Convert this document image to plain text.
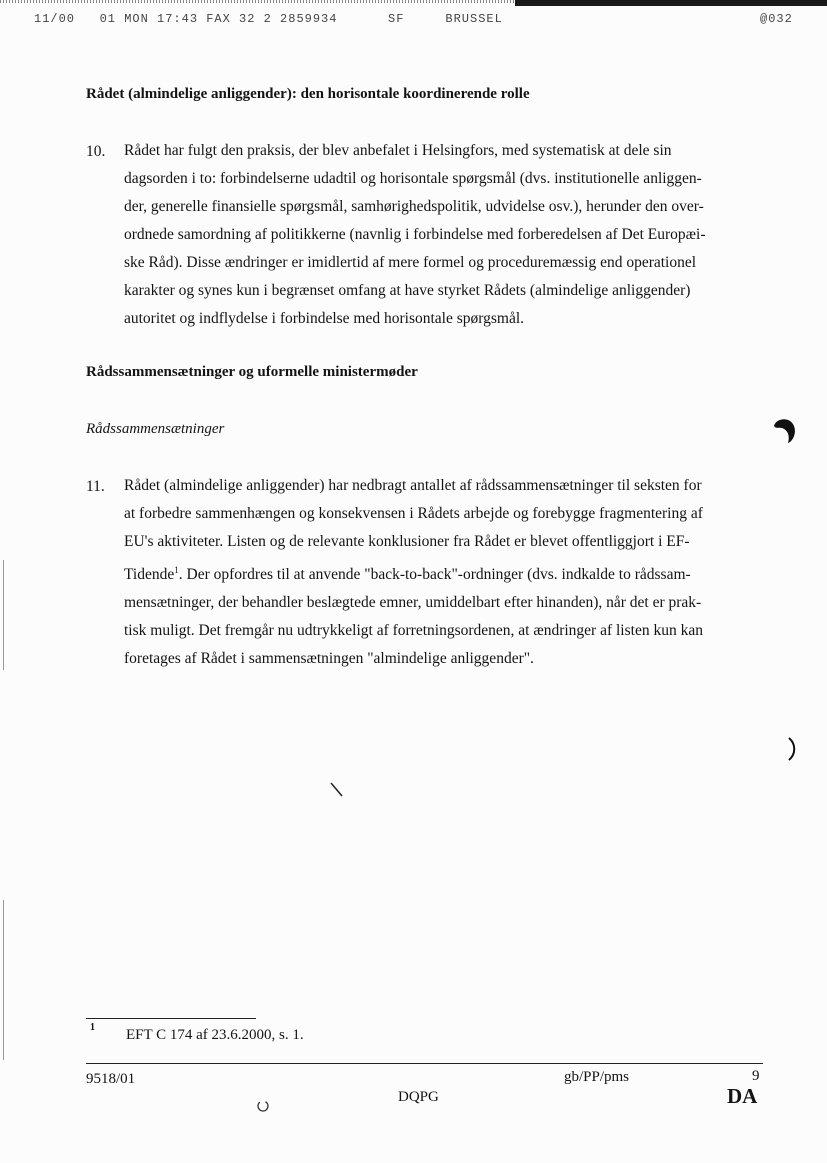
11/00   01 MON 17:43 FAX 32 2 2859934	SF     BRUSSEL	@032
Rådet (almindelige anliggender): den horisontale koordinerende rolle
10. Rådet har fulgt den praksis, der blev anbefalet i Helsingfors, med systematisk at dele sin
dagsorden i to: forbindelserne udadtil og horisontale spørgsmål (dvs. institutionelle anliggen-
der, generelle finansielle spørgsmål, samhørighedspolitik, udvidelse osv.), herunder den over-
ordnede samordning af politikkerne (navnlig i forbindelse med forberedelsen af Det Europæi-
ske Råd). Disse ændringer er imidlertid af mere formel og proceduremæssig end operationel
karakter og synes kun i begrænset omfang at have styrket Rådets (almindelige anliggender)
autoritet og indflydelse i forbindelse med horisontale spørgsmål.
Rådssammensætninger og uformelle ministermøder
Rådssammensætninger
11. Rådet (almindelige anliggender) har nedbragt antallet af rådssammensætninger til seksten for
at forbedre sammenhængen og konsekvensen i Rådets arbejde og forebygge fragmentering af
EU's aktiviteter. Listen og de relevante konklusioner fra Rådet er blevet offentliggjort i EF-
Tidende$^1$. Der opfordres til at anvende "back-to-back"-ordninger (dvs. indkalde to rådssam-
mensætninger, der behandler beslægtede emner, umiddelbart efter hinanden), når det er prak-
tisk muligt. Det fremgår nu udtrykkeligt af forretningsordenen, at ændringer af listen kun kan
foretages af Rådet i sammensætningen "almindelige anliggender".
1 EFT C 174 af 23.6.2000, s. 1.
9518/01	gb/PP/pms	9
DQPG	DA
